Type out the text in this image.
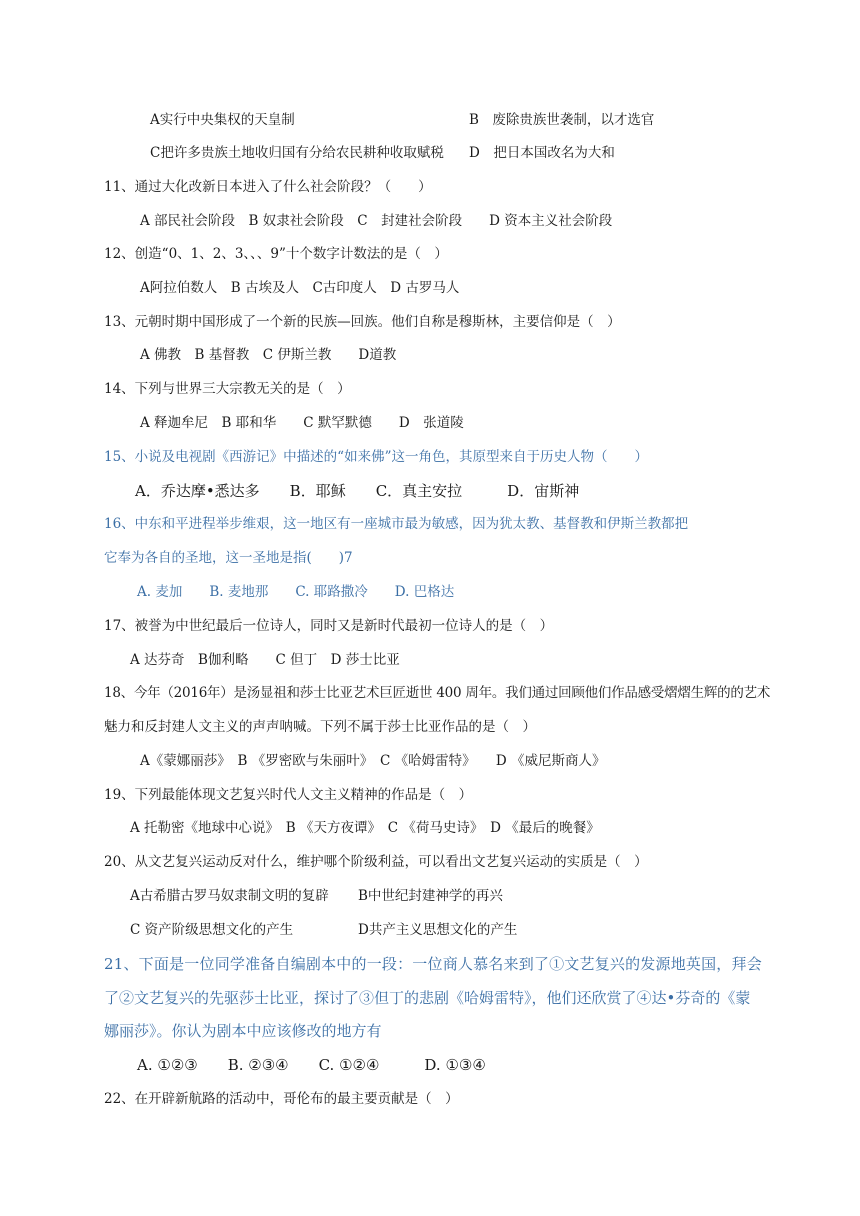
A实行中央集权的天皇制	B　废除贵族世袭制，以才选官
C把许多贵族土地收归国有分给农民耕种收取赋税 D　把日本国改名为大和
11、通过大化改新日本进入了什么社会阶段？（　　）
A 部民社会阶段　B 奴隶社会阶段　C　封建社会阶段　　D 资本主义社会阶段
12、创造“0、1、2、3、、、9”十个数字计数法的是（　）
A阿拉伯数人　B 古埃及人　C古印度人　D 古罗马人
13、元朝时期中国形成了一个新的民族—回族。他们自称是穆斯林，主要信仰是（　）
A 佛教　B 基督教　C 伊斯兰教　　D道教
14、下列与世界三大宗教无关的是（　）
A 释迦牟尼　B 耶和华　　C 默罕默德　　D　张道陵
15、小说及电视剧《西游记》中描述的“如来佛”这一角色，其原型来自于历史人物（　　）
A．乔达摩•悉达多　　B．耶稣　　C．真主安拉　　　D．宙斯神
16、中东和平进程举步维艰，这一地区有一座城市最为敏感，因为犹太教、基督教和伊斯兰教都把
它奉为各自的圣地，这一圣地是指(　　)7
A. 麦加　　B. 麦地那　　C. 耶路撒冷　　D. 巴格达
17、被誉为中世纪最后一位诗人，同时又是新时代最初一位诗人的是（　）
A 达芬奇　B伽利略　　C 但丁　D 莎士比亚
18、今年（2016年）是汤显祖和莎士比亚艺术巨匠逝世 400 周年。我们通过回顾他们作品感受熠熠生辉的的艺术
魅力和反封建人文主义的声声呐喊。下列不属于莎士比亚作品的是（　）
A《蒙娜丽莎》　B 《罗密欧与朱丽叶》　C 《哈姆雷特》　　D 《威尼斯商人》
19、下列最能体现文艺复兴时代人文主义精神的作品是（　）
A 托勒密《地球中心说》　B 《天方夜谭》　C 《荷马史诗》　D 《最后的晚餐》
20、从文艺复兴运动反对什么，维护哪个阶级利益，可以看出文艺复兴运动的实质是（　）
A古希腊古罗马奴隶制文明的复辟 B中世纪封建神学的再兴
C 资产阶级思想文化的产生	D共产主义思想文化的产生
21、下面是一位同学准备自编剧本中的一段：一位商人慕名来到了①文艺复兴的发源地英国，拜会
了②文艺复兴的先驱莎士比亚，探讨了③但丁的悲剧《哈姆雷特》，他们还欣赏了④达•芬奇的《蒙
娜丽莎》。你认为剧本中应该修改的地方有
A. ①②③　　B. ②③④　　C. ①②④　　　D. ①③④
22、在开辟新航路的活动中，哥伦布的最主要贡献是（　）
